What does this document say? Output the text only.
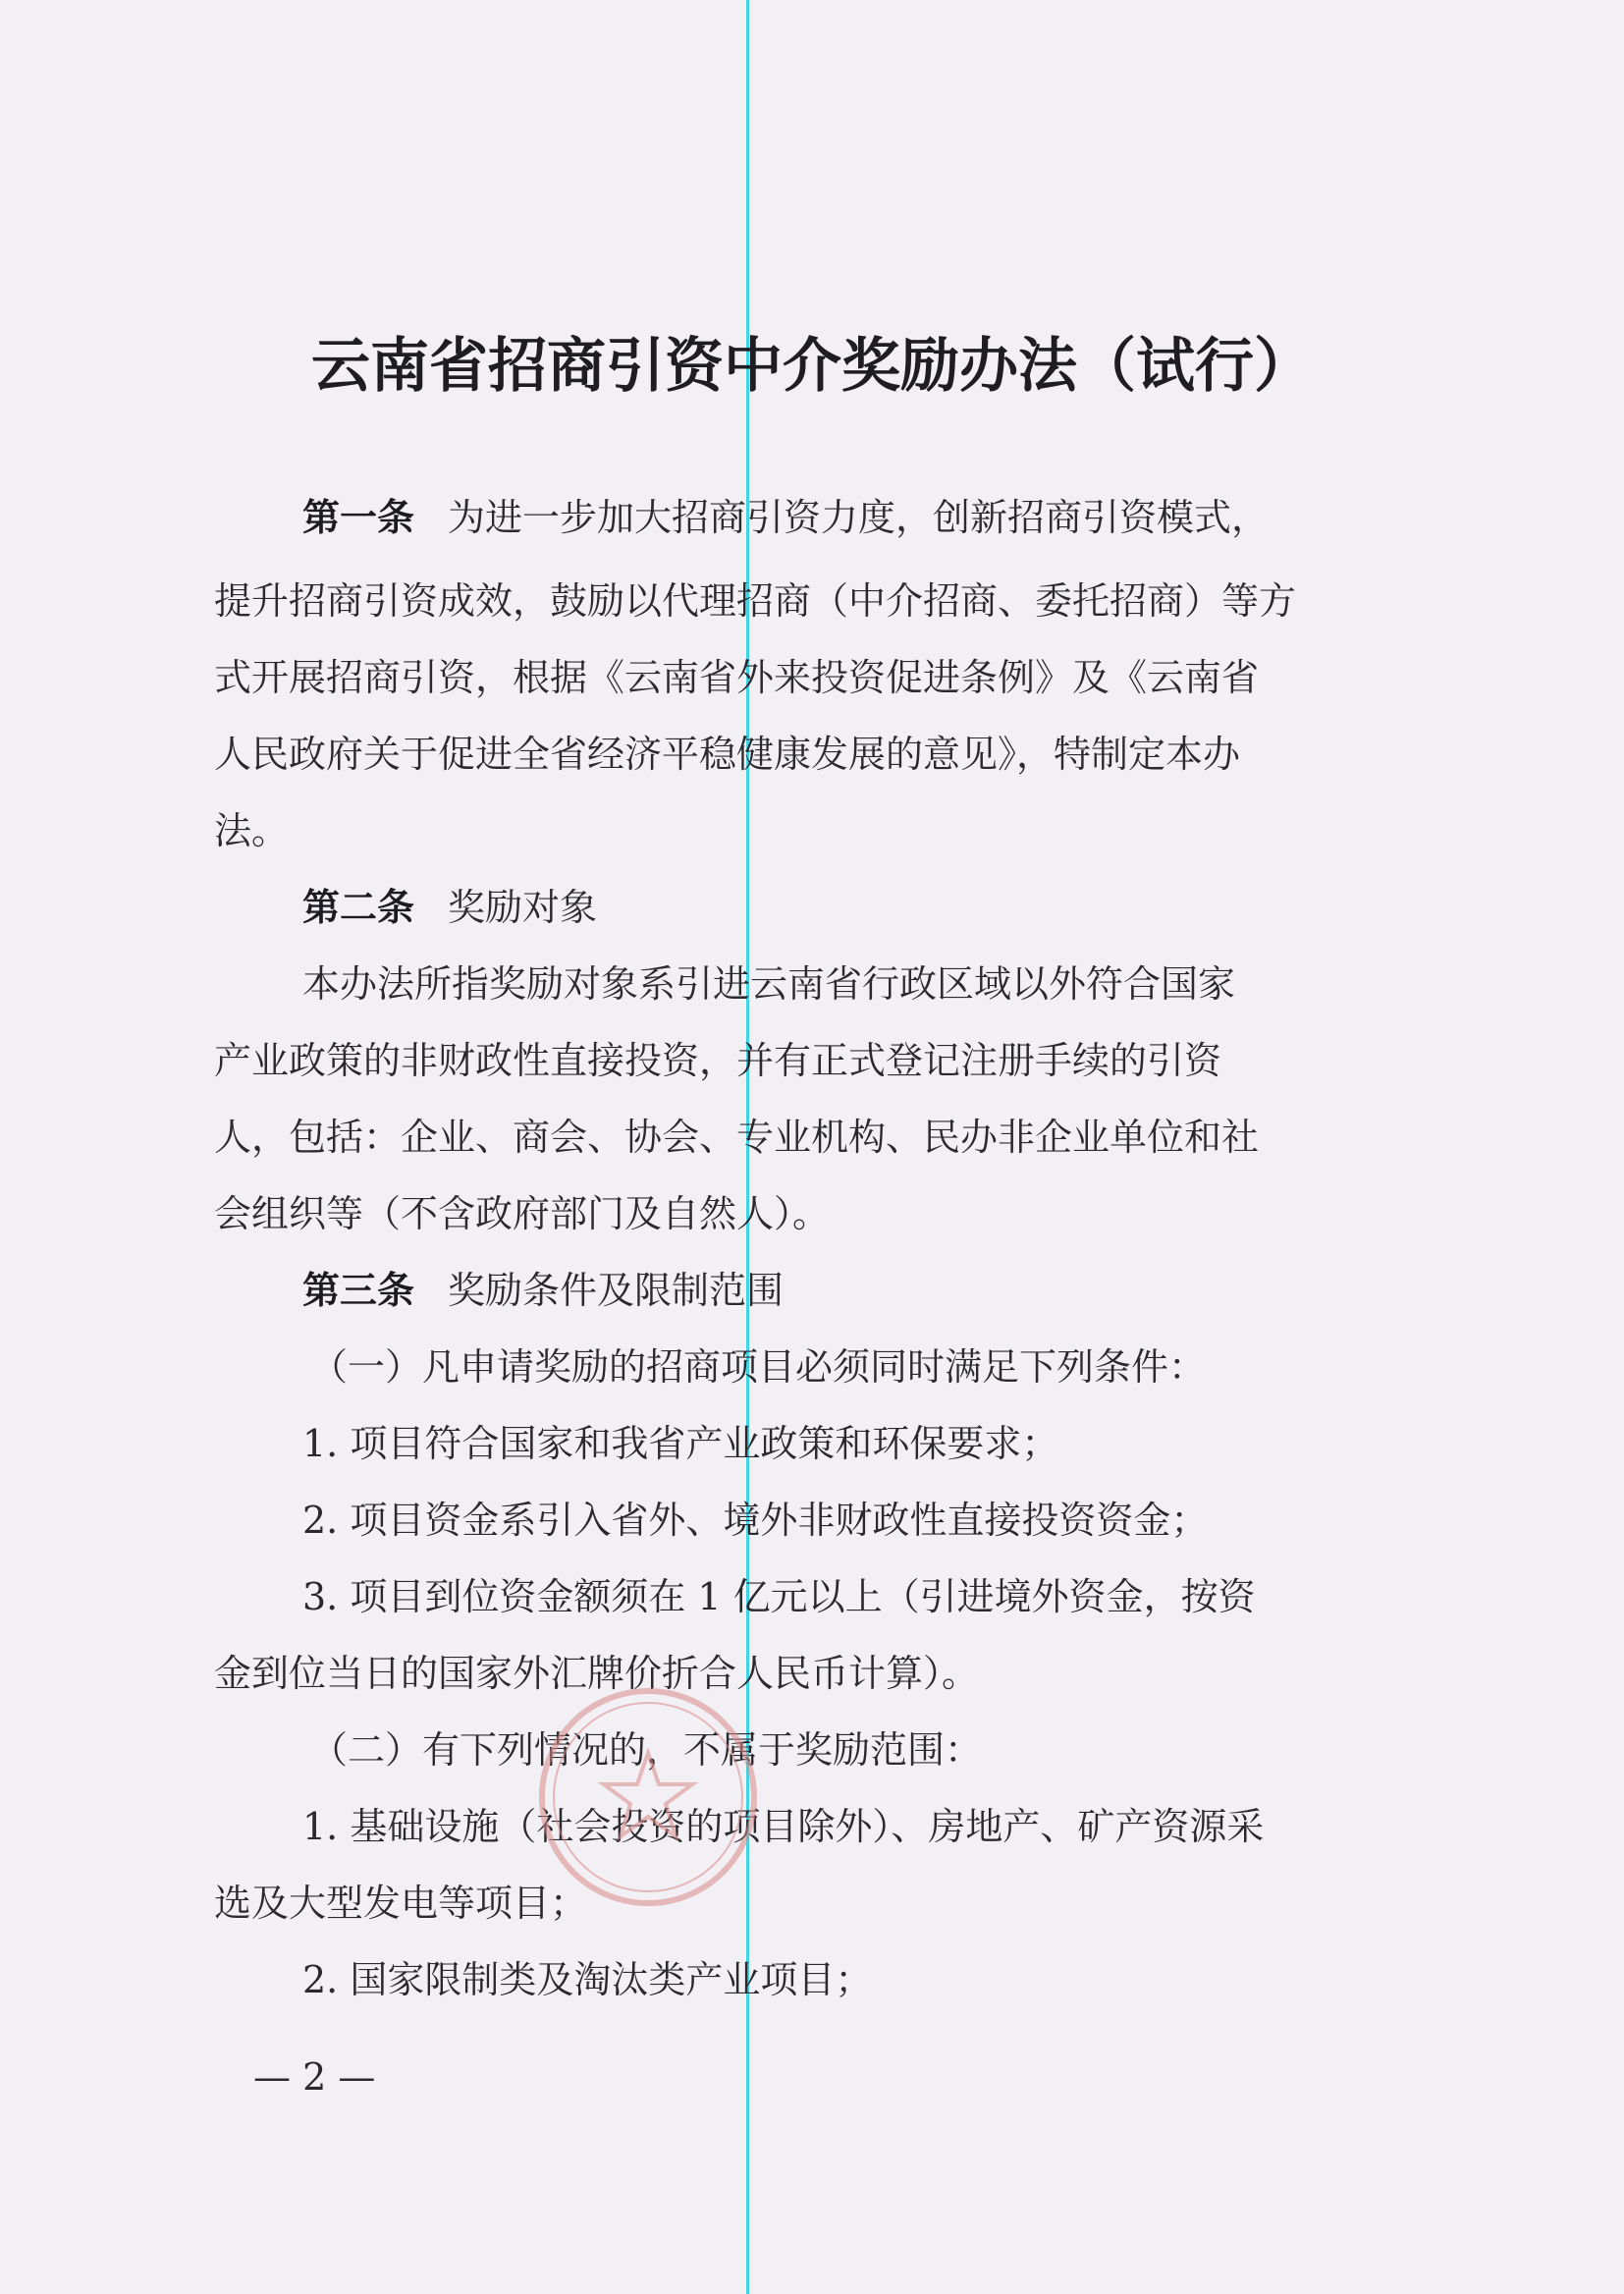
云南省招商引资中介奖励办法（试行）
第一条 为进一步加大招商引资力度，创新招商引资模式，
提升招商引资成效，鼓励以代理招商（中介招商、委托招商）等方
式开展招商引资，根据《云南省外来投资促进条例》及《云南省
人民政府关于促进全省经济平稳健康发展的意见》，特制定本办
法。
第二条 奖励对象
本办法所指奖励对象系引进云南省行政区域以外符合国家
产业政策的非财政性直接投资，并有正式登记注册手续的引资
人，包括：企业、商会、协会、专业机构、民办非企业单位和社
会组织等（不含政府部门及自然人）。
第三条 奖励条件及限制范围
（一）凡申请奖励的招商项目必须同时满足下列条件：
1. 项目符合国家和我省产业政策和环保要求；
2. 项目资金系引入省外、境外非财政性直接投资资金；
3. 项目到位资金额须在 1 亿元以上（引进境外资金，按资
金到位当日的国家外汇牌价折合人民币计算）。
（二）有下列情况的，不属于奖励范围：
1. 基础设施（社会投资的项目除外）、房地产、矿产资源采
选及大型发电等项目；
2. 国家限制类及淘汰类产业项目；
— 2 —
